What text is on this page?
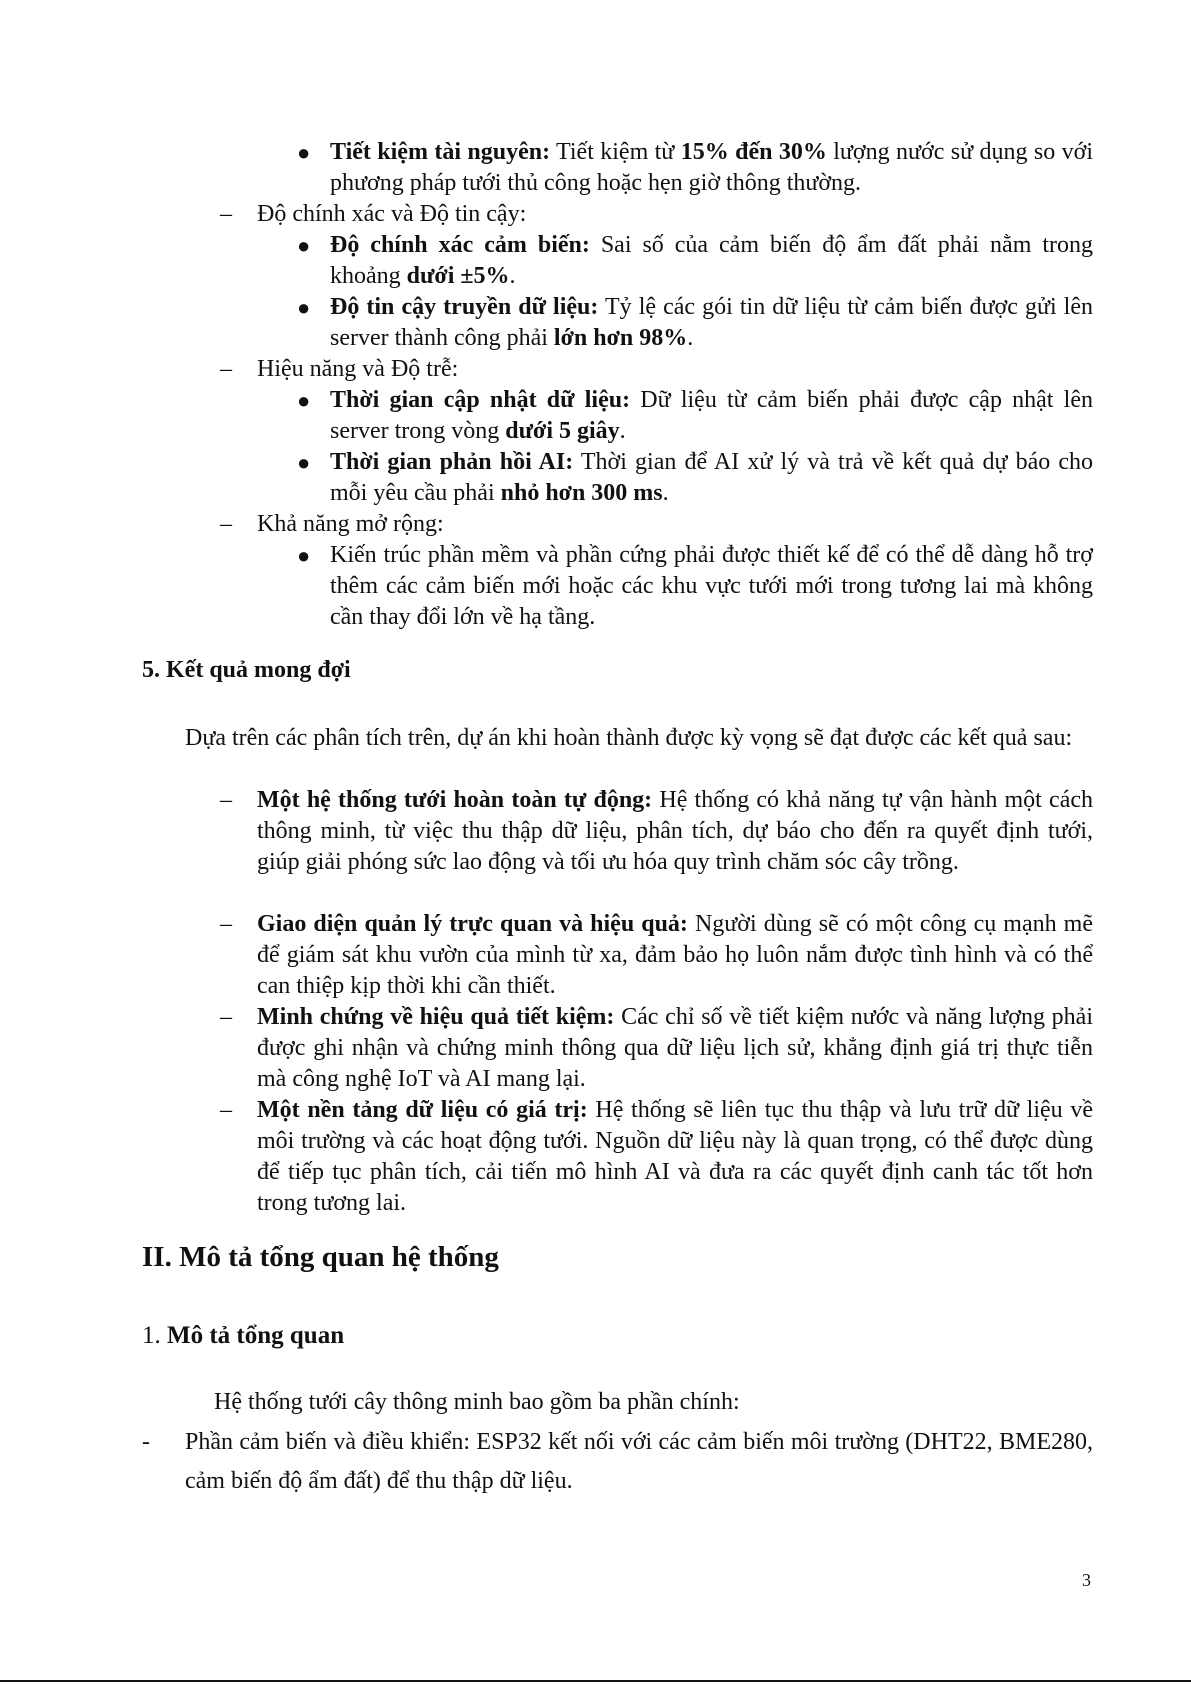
● Tiết kiệm tài nguyên: Tiết kiệm từ 15% đến 30% lượng nước sử dụng so với phương pháp tưới thủ công hoặc hẹn giờ thông thường.
– Độ chính xác và Độ tin cậy:
● Độ chính xác cảm biến: Sai số của cảm biến độ ẩm đất phải nằm trong khoảng dưới ±5%.
● Độ tin cậy truyền dữ liệu: Tỷ lệ các gói tin dữ liệu từ cảm biến được gửi lên server thành công phải lớn hơn 98%.
– Hiệu năng và Độ trễ:
● Thời gian cập nhật dữ liệu: Dữ liệu từ cảm biến phải được cập nhật lên server trong vòng dưới 5 giây.
● Thời gian phản hồi AI: Thời gian để AI xử lý và trả về kết quả dự báo cho mỗi yêu cầu phải nhỏ hơn 300 ms.
– Khả năng mở rộng:
● Kiến trúc phần mềm và phần cứng phải được thiết kế để có thể dễ dàng hỗ trợ thêm các cảm biến mới hoặc các khu vực tưới mới trong tương lai mà không cần thay đổi lớn về hạ tầng.
5. Kết quả mong đợi
Dựa trên các phân tích trên, dự án khi hoàn thành được kỳ vọng sẽ đạt được các kết quả sau:
– Một hệ thống tưới hoàn toàn tự động: Hệ thống có khả năng tự vận hành một cách thông minh, từ việc thu thập dữ liệu, phân tích, dự báo cho đến ra quyết định tưới, giúp giải phóng sức lao động và tối ưu hóa quy trình chăm sóc cây trồng.
– Giao diện quản lý trực quan và hiệu quả: Người dùng sẽ có một công cụ mạnh mẽ để giám sát khu vườn của mình từ xa, đảm bảo họ luôn nắm được tình hình và có thể can thiệp kịp thời khi cần thiết.
– Minh chứng về hiệu quả tiết kiệm: Các chỉ số về tiết kiệm nước và năng lượng phải được ghi nhận và chứng minh thông qua dữ liệu lịch sử, khẳng định giá trị thực tiễn mà công nghệ IoT và AI mang lại.
– Một nền tảng dữ liệu có giá trị: Hệ thống sẽ liên tục thu thập và lưu trữ dữ liệu về môi trường và các hoạt động tưới. Nguồn dữ liệu này là quan trọng, có thể được dùng để tiếp tục phân tích, cải tiến mô hình AI và đưa ra các quyết định canh tác tốt hơn trong tương lai.
II. Mô tả tổng quan hệ thống
1. Mô tả tổng quan
Hệ thống tưới cây thông minh bao gồm ba phần chính:
- Phần cảm biến và điều khiển: ESP32 kết nối với các cảm biến môi trường (DHT22, BME280, cảm biến độ ẩm đất) để thu thập dữ liệu.
3
